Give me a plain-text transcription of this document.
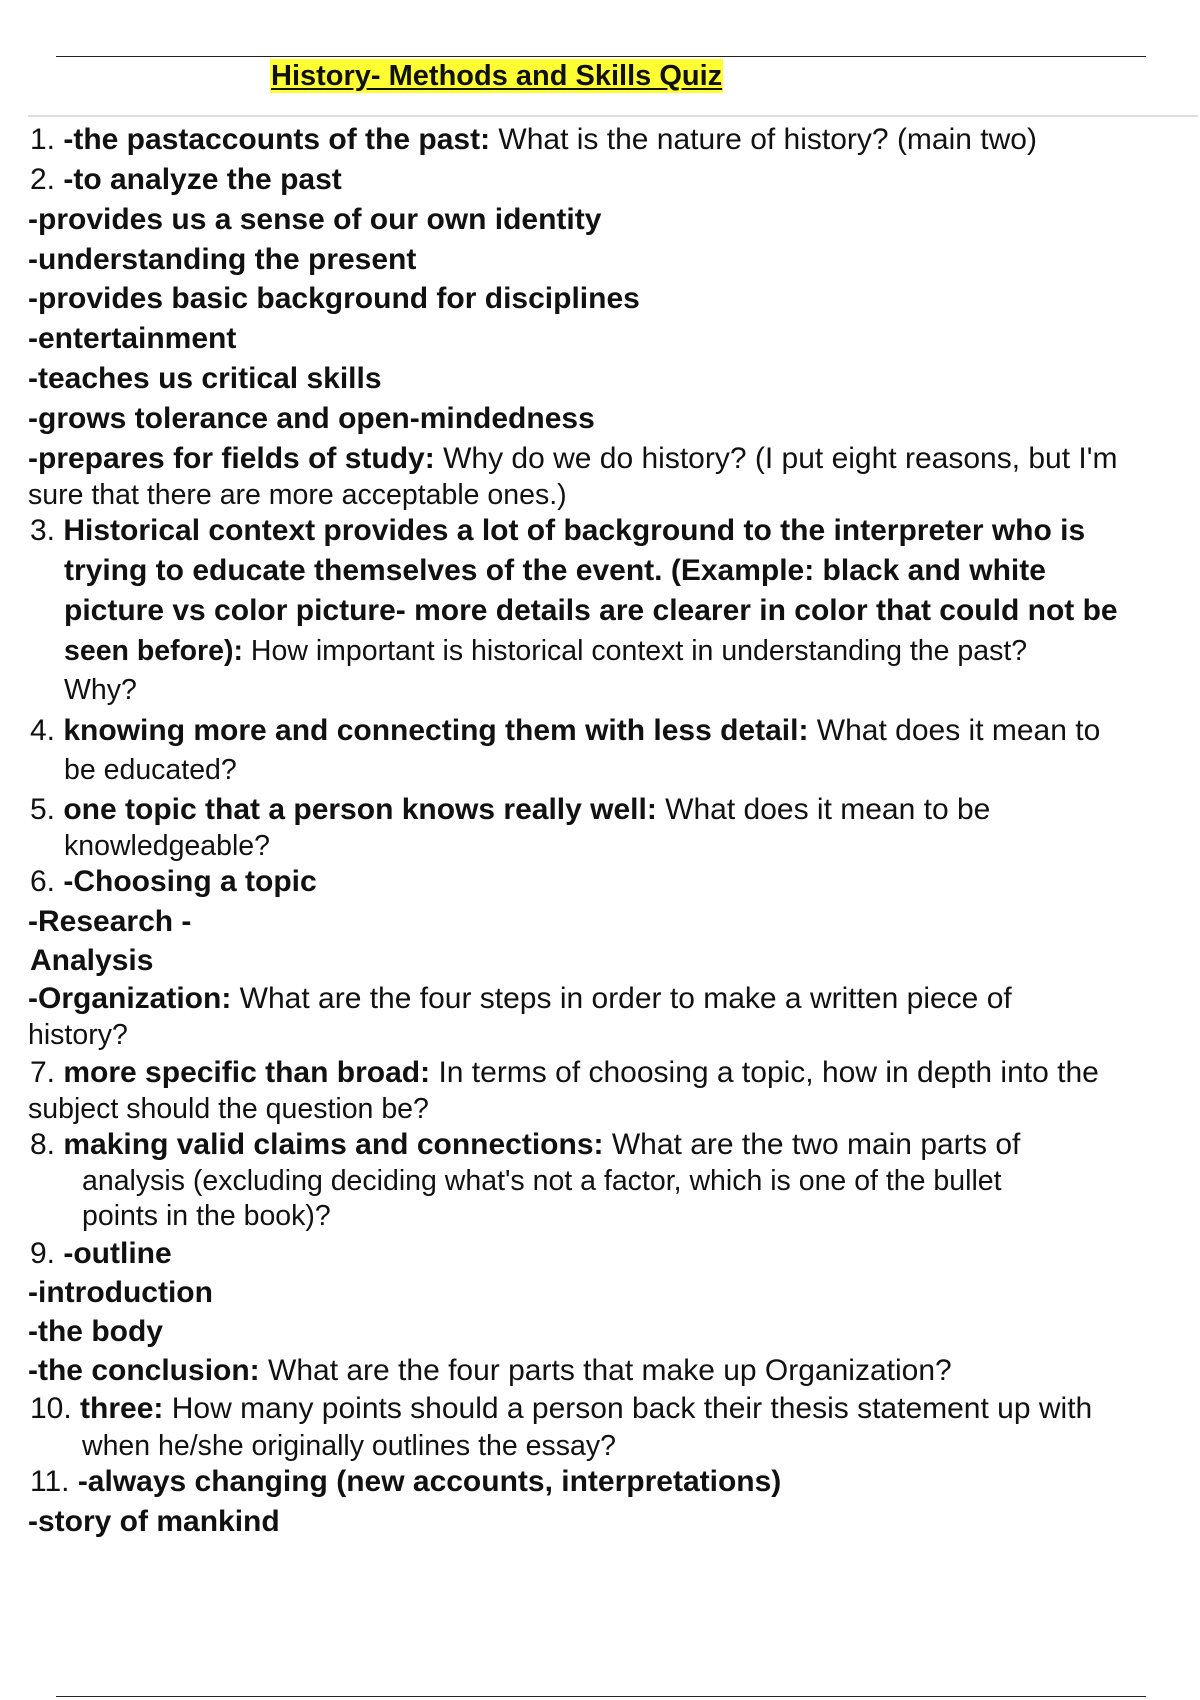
History- Methods and Skills Quiz
1. -the pastaccounts of the past: What is the nature of history? (main two)
2. -to analyze the past
-provides us a sense of our own identity
-understanding the present
-provides basic background for disciplines
-entertainment
-teaches us critical skills
-grows tolerance and open-mindedness
-prepares for fields of study: Why do we do history? (I put eight reasons, but I'm
sure that there are more acceptable ones.)
3. Historical context provides a lot of background to the interpreter who is
trying to educate themselves of the event. (Example: black and white
picture vs color picture- more details are clearer in color that could not be
seen before): How important is historical context in understanding the past?
Why?
4. knowing more and connecting them with less detail: What does it mean to
be educated?
5. one topic that a person knows really well: What does it mean to be
knowledgeable?
6. -Choosing a topic
-Research -
Analysis
-Organization: What are the four steps in order to make a written piece of
history?
7. more specific than broad: In terms of choosing a topic, how in depth into the
subject should the question be?
8. making valid claims and connections: What are the two main parts of
analysis (excluding deciding what's not a factor, which is one of the bullet
points in the book)?
9. -outline
-introduction
-the body
-the conclusion: What are the four parts that make up Organization?
10. three: How many points should a person back their thesis statement up with
when he/she originally outlines the essay?
11. -always changing (new accounts, interpretations)
-story of mankind
